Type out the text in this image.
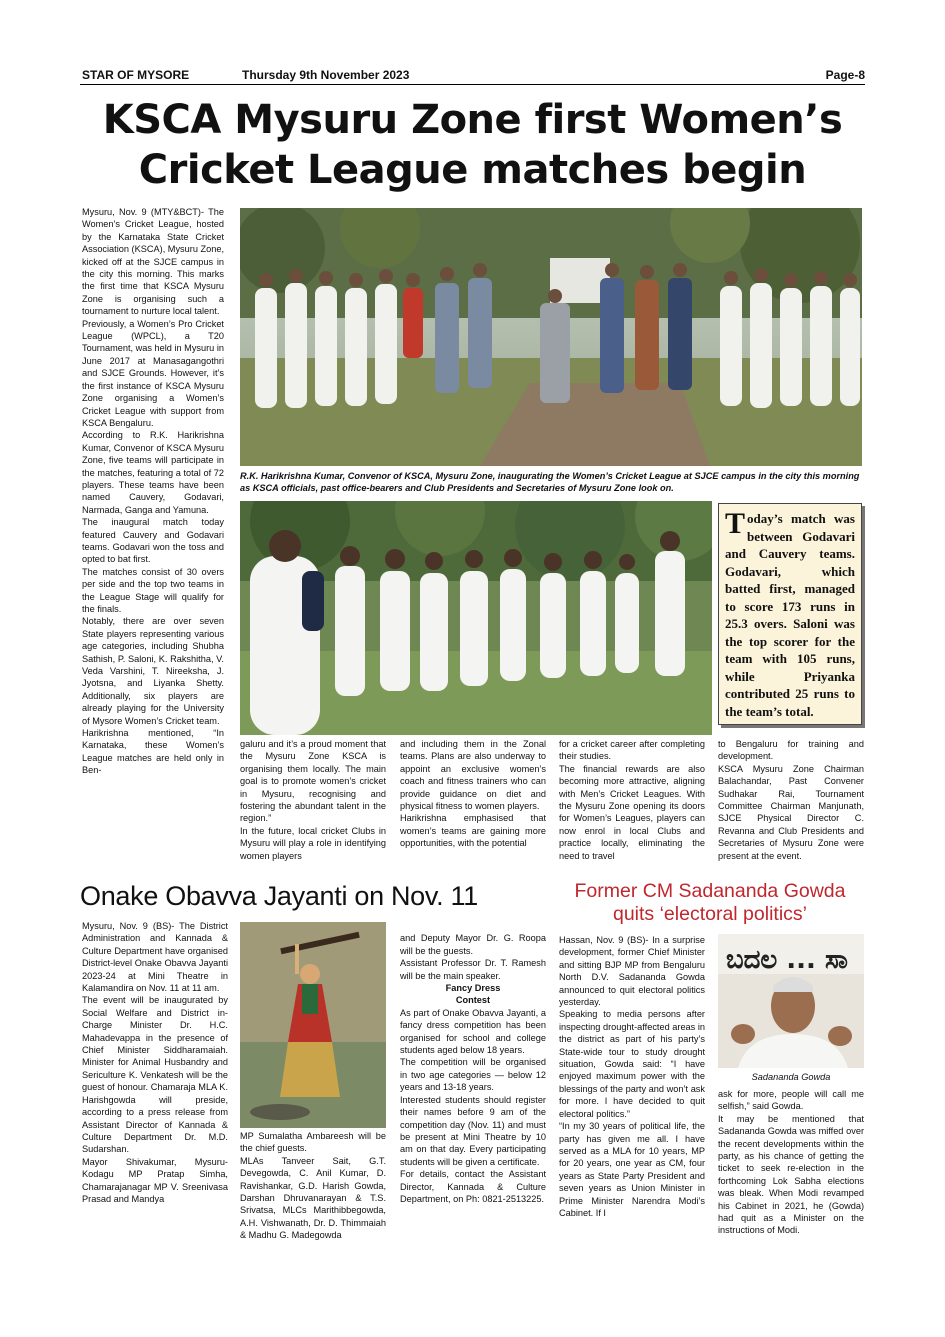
STAR OF MYSORE	Thursday 9th November 2023	Page-8
KSCA Mysuru Zone first Women’s
Cricket League matches begin
Mysuru, Nov. 9 (MTY&BCT)- The Women’s Cricket League, hosted by the Karnataka State Cricket Association (KSCA), Mysuru Zone, kicked off at the SJCE campus in the city this morning. This marks the first time that KSCA Mysuru Zone is organising such a tournament to nurture local talent.
Previously, a Women’s Pro Cricket League (WPCL), a T20 Tournament, was held in Mysuru in June 2017 at Manasagangothri and SJCE Grounds. However, it’s the first instance of KSCA Mysuru Zone organising a Women’s Cricket League with support from KSCA Bengaluru.
According to R.K. Harikrishna Kumar, Convenor of KSCA Mysuru Zone, five teams will participate in the matches, featuring a total of 72 players. These teams have been named Cauvery, Godavari, Narmada, Ganga and Yamuna.
The inaugural match today featured Cauvery and Godavari teams. Godavari won the toss and opted to bat first.
The matches consist of 30 overs per side and the top two teams in the League Stage will qualify for the finals.
Notably, there are over seven State players representing various age categories, including Shubha Sathish, P. Saloni, K. Rakshitha, V. Veda Varshini, T. Nireeksha, J. Jyotsna, and Liyanka Shetty. Additionally, six players are already playing for the University of Mysore Women’s Cricket team.
Harikrishna mentioned, “In Karnataka, these Women’s League matches are held only in Ben-
R.K. Harikrishna Kumar, Convenor of KSCA, Mysuru Zone, inaugurating the Women’s Cricket League at SJCE campus in the city this morning as KSCA officials, past office-bearers and Club Presidents and Secretaries of Mysuru Zone look on.
Today’s match was between Godavari and Cauvery teams. Godavari, which batted first, managed to score 173 runs in 25.3 overs. Saloni was the top scorer for the team with 105 runs, while Priyanka contributed 25 runs to the team’s total.
galuru and it’s a proud moment that the Mysuru Zone KSCA is organising them locally. The main goal is to promote women’s cricket in Mysuru, recognising and fostering the abundant talent in the region.”
In the future, local cricket Clubs in Mysuru will play a role in identifying women players
and including them in the Zonal teams. Plans are also underway to appoint an exclusive women’s coach and fitness trainers who can provide guidance on diet and physical fitness to women players.
Harikrishna emphasised that women’s teams are gaining more opportunities, with the potential
for a cricket career after completing their studies.
The financial rewards are also becoming more attractive, aligning with Men’s Cricket Leagues. With the Mysuru Zone opening its doors for Women’s Leagues, players can now enrol in local Clubs and practice locally, eliminating the need to travel
to Bengaluru for training and development.
KSCA Mysuru Zone Chairman Balachandar, Past Convener Sudhakar Rai, Tournament Committee Chairman Manjunath, SJCE Physical Director C. Revanna and Club Presidents and Secretaries of Mysuru Zone were present at the event.
Onake Obavva Jayanti on Nov. 11
Mysuru, Nov. 9 (BS)- The District Administration and Kannada & Culture Department have organised District-level Onake Obavva Jayanti 2023-24 at Mini Theatre in Kalamandira on Nov. 11 at 11 am.
The event will be inaugurated by Social Welfare and District in-Charge Minister Dr. H.C. Mahadevappa in the presence of Chief Minister Siddharamaiah. Minister for Animal Husbandry and Sericulture K. Venkatesh will be the guest of honour. Chamaraja MLA K. Harishgowda will preside, according to a press release from Assistant Director of Kannada & Culture Department Dr. M.D. Sudarshan.
Mayor Shivakumar, Mysuru-Kodagu MP Pratap Simha, Chamarajanagar MP V. Sreenivasa Prasad and Mandya
MP Sumalatha Ambareesh will be the chief guests.
MLAs Tanveer Sait, G.T. Devegowda, C. Anil Kumar, D. Ravishankar, G.D. Harish Gowda, Darshan Dhruvanarayan & T.S. Srivatsa, MLCs Marithibbegowda, A.H. Vishwanath, Dr. D. Thimmaiah & Madhu G. Madegowda

and Deputy Mayor Dr. G. Roopa will be the guests.
Assistant Professor Dr. T. Ramesh will be the main speaker.

Fancy Dress
Contest
As part of Onake Obavva Jayanti, a fancy dress competition has been organised for school and college students aged below 18 years.
The competition will be organised in two age categories — below 12 years and 13-18 years.
Interested students should register their names before 9 am of the competition day (Nov. 11) and must be present at Mini Theatre by 10 am on that day. Every participating students will be given a certificate.
For details, contact the Assistant Director, Kannada & Culture Department, on Ph: 0821-2513225.

Former CM Sadananda Gowda
quits ‘electoral politics’
Hassan, Nov. 9 (BS)- In a surprise development, former Chief Minister and sitting BJP MP from Bengaluru North D.V. Sadananda Gowda announced to quit electoral politics yesterday.
Speaking to media persons after inspecting drought-affected areas in the district as part of his party’s State-wide tour to study drought situation, Gowda said: “I have enjoyed maximum power with the blessings of the party and won’t ask for more. I have decided to quit electoral politics.”
“In my 30 years of political life, the party has given me all. I have served as a MLA for 10 years, MP for 20 years, one year as CM, four years as State Party President and seven years as Union Minister in Prime Minister Narendra Modi’s Cabinet. If I
ಬದಲ ... ಸಾ
Sadananda Gowda
ask for more, people will call me selfish,” said Gowda.
It may be mentioned that Sadananda Gowda was miffed over the recent developments within the party, as his chance of getting the ticket to seek re-election in the forthcoming Lok Sabha elections was bleak. When Modi revamped his Cabinet in 2021, he (Gowda) had quit as a Minister on the instructions of Modi.
